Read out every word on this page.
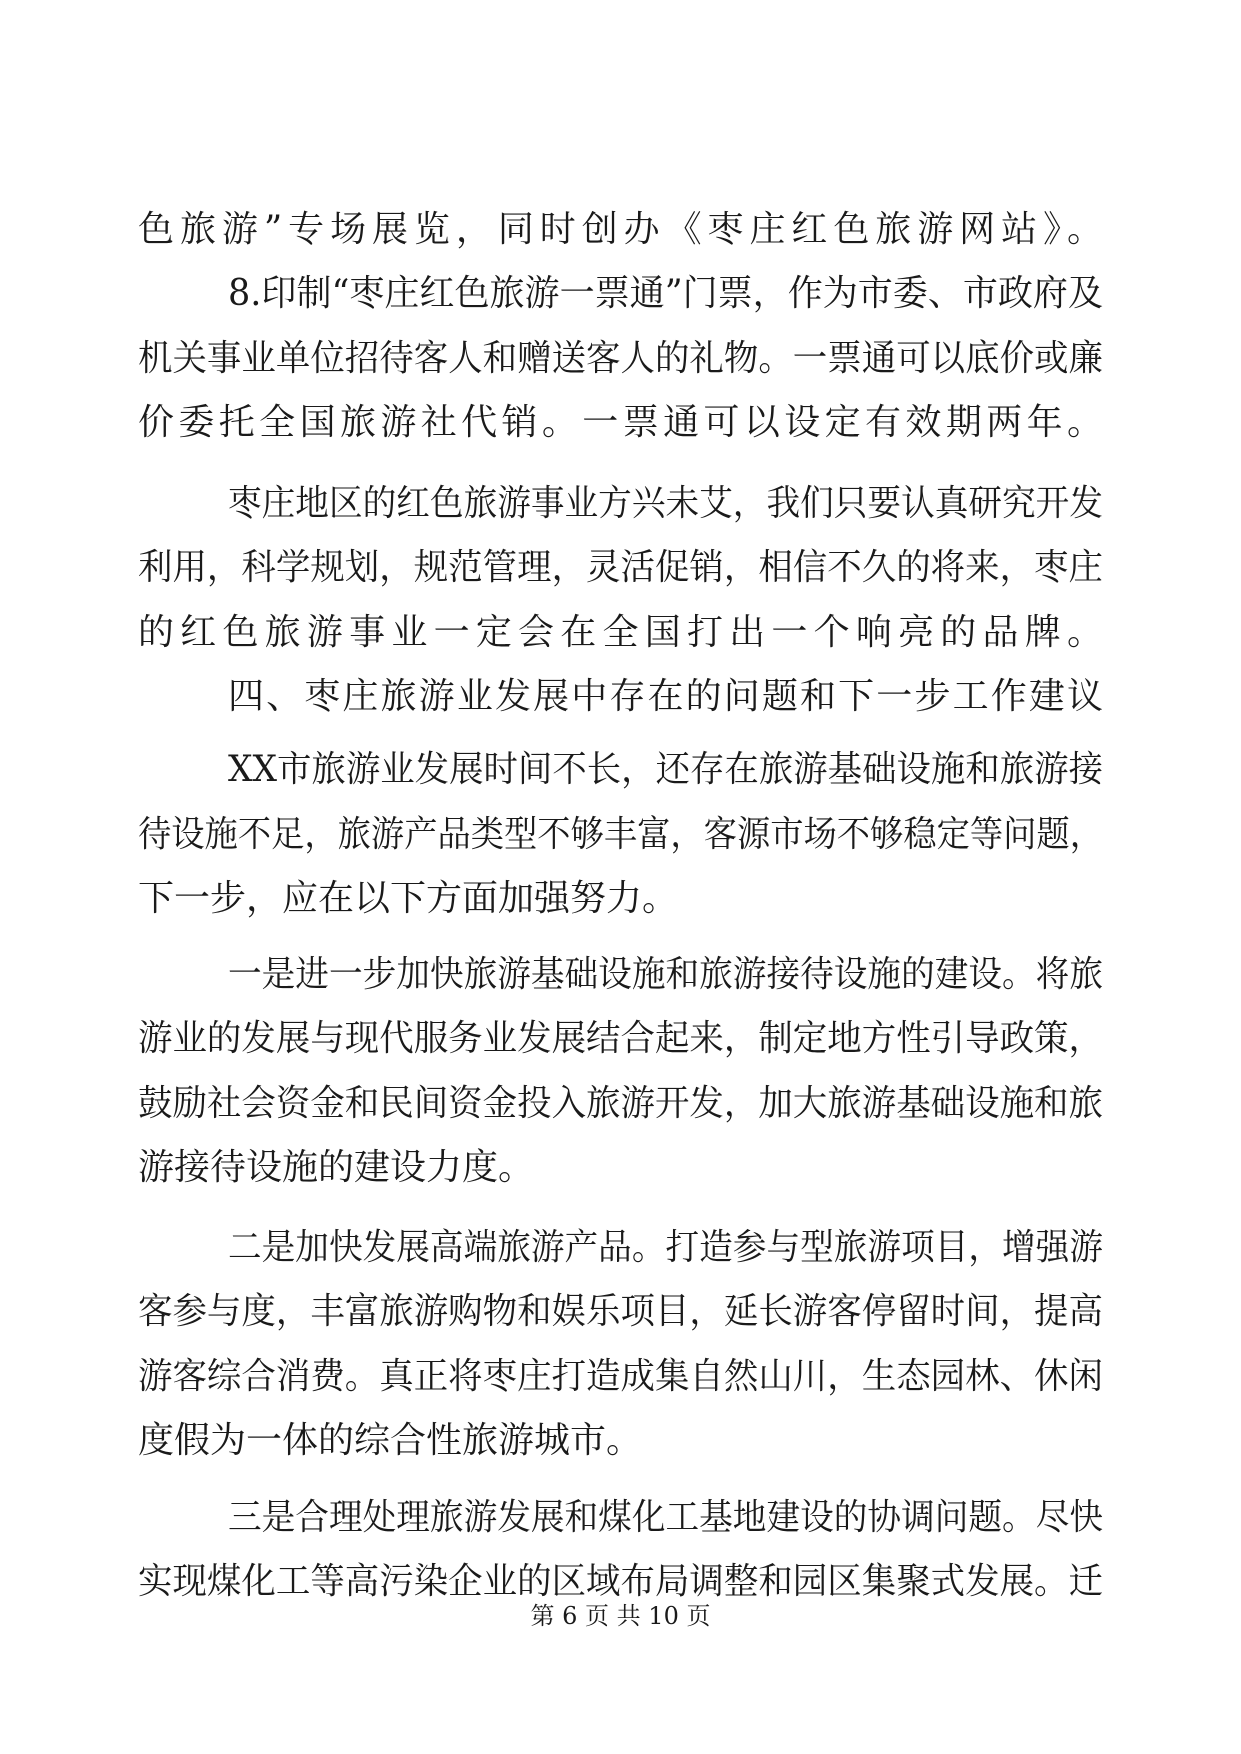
色旅游”专场展览，同时创办《枣庄红色旅游网站》。
8.印制“枣庄红色旅游一票通”门票，作为市委、市政府及
机关事业单位招待客人和赠送客人的礼物。一票通可以底价或廉
价委托全国旅游社代销。一票通可以设定有效期两年。
枣庄地区的红色旅游事业方兴未艾，我们只要认真研究开发
利用，科学规划，规范管理，灵活促销，相信不久的将来，枣庄
的红色旅游事业一定会在全国打出一个响亮的品牌。
四、枣庄旅游业发展中存在的问题和下一步工作建议
XX市旅游业发展时间不长，还存在旅游基础设施和旅游接
待设施不足，旅游产品类型不够丰富，客源市场不够稳定等问题，
下一步，应在以下方面加强努力。
一是进一步加快旅游基础设施和旅游接待设施的建设。将旅
游业的发展与现代服务业发展结合起来，制定地方性引导政策，
鼓励社会资金和民间资金投入旅游开发，加大旅游基础设施和旅
游接待设施的建设力度。
二是加快发展高端旅游产品。打造参与型旅游项目，增强游
客参与度，丰富旅游购物和娱乐项目，延长游客停留时间，提高
游客综合消费。真正将枣庄打造成集自然山川，生态园林、休闲
度假为一体的综合性旅游城市。
三是合理处理旅游发展和煤化工基地建设的协调问题。尽快
实现煤化工等高污染企业的区域布局调整和园区集聚式发展。迁
第 6 页 共 10 页
